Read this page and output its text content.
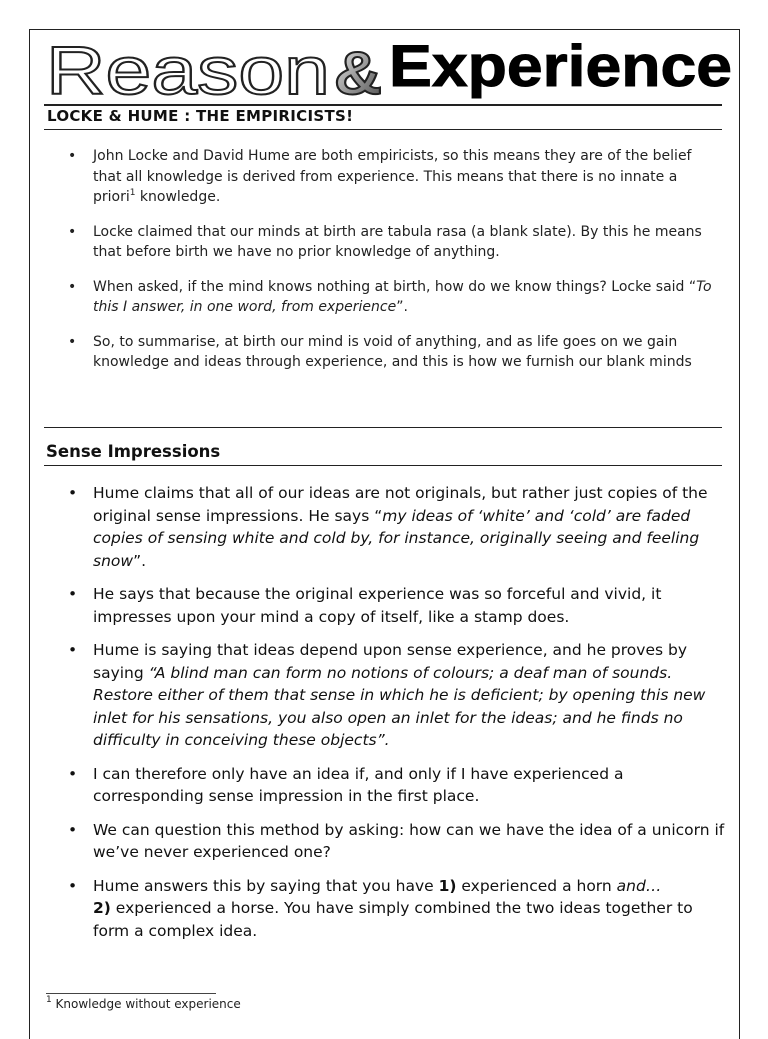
Reason & Experience
LOCKE & HUME : THE EMPIRICISTS!
• John Locke and David Hume are both empiricists, so this means they are of the belief that all knowledge is derived from experience. This means that there is no innate a priori$^1$ knowledge.
• Locke claimed that our minds at birth are tabula rasa (a blank slate). By this he means that before birth we have no prior knowledge of anything.
• When asked, if the mind knows nothing at birth, how do we know things? Locke said “To this I answer, in one word, from experience”.
• So, to summarise, at birth our mind is void of anything, and as life goes on we gain knowledge and ideas through experience, and this is how we furnish our blank minds
Sense Impressions
• Hume claims that all of our ideas are not originals, but rather just copies of the original sense impressions. He says “my ideas of ‘white’ and ‘cold’ are faded copies of sensing white and cold by, for instance, originally seeing and feeling snow”.
• He says that because the original experience was so forceful and vivid, it impresses upon your mind a copy of itself, like a stamp does.
• Hume is saying that ideas depend upon sense experience, and he proves by saying “A blind man can form no notions of colours; a deaf man of sounds. Restore either of them that sense in which he is deficient; by opening this new inlet for his sensations, you also open an inlet for the ideas; and he finds no difficulty in conceiving these objects”.
• I can therefore only have an idea if, and only if I have experienced a corresponding sense impression in the first place.
• We can question this method by asking: how can we have the idea of a unicorn if we’ve never experienced one?
• Hume answers this by saying that you have 1) experienced a horn and…
2) experienced a horse. You have simply combined the two ideas together to form a complex idea.
$^1$ Knowledge without experience
